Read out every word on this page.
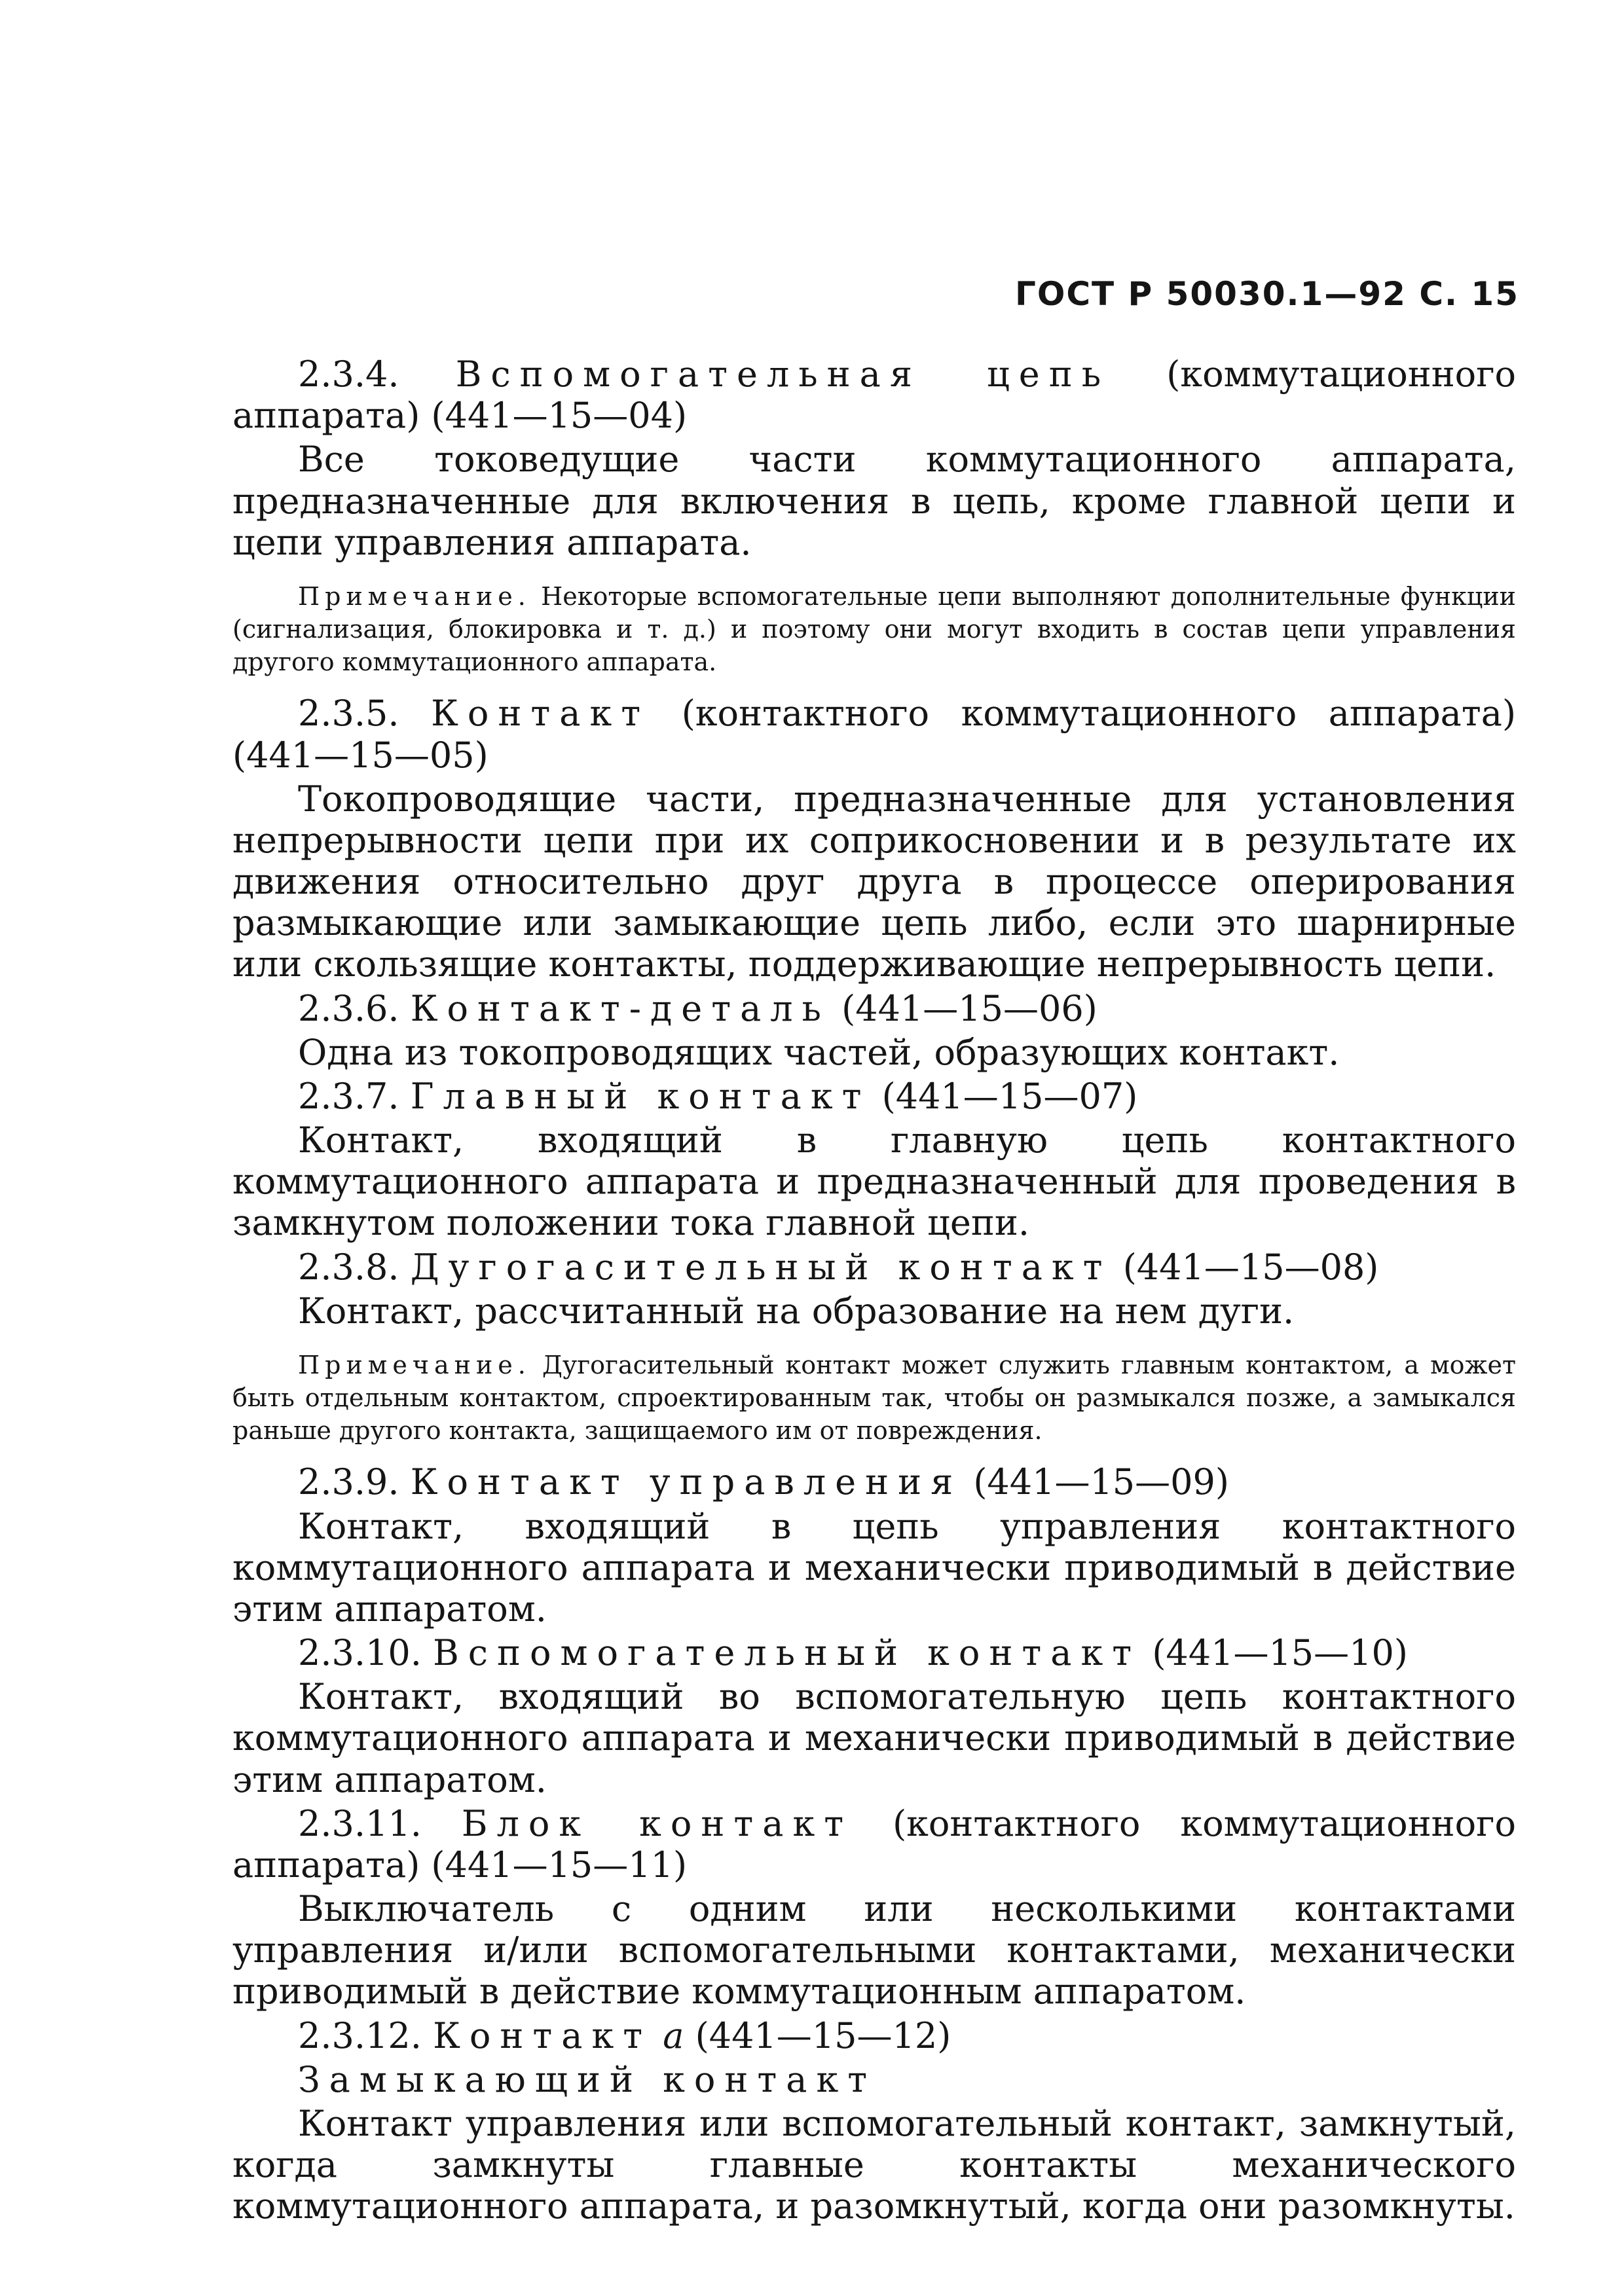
ГОСТ Р 50030.1—92 С. 15

2.3.4. Вспомогательная цепь (коммутационного аппарата) (441—15—04)

Все токоведущие части коммутационного аппарата, предназначенные для включения в цепь, кроме главной цепи и цепи управления аппарата.

Примечание. Некоторые вспомогательные цепи выполняют дополнительные функции (сигнализация, блокировка и т. д.) и поэтому они могут входить в состав цепи управления другого коммутационного аппарата.

2.3.5. Контакт (контактного коммутационного аппарата) (441—15—05)

Токопроводящие части, предназначенные для установления непрерывности цепи при их соприкосновении и в результате их движения относительно друг друга в процессе оперирования размыкающие или замыкающие цепь либо, если это шарнирные или скользящие контакты, поддерживающие непрерывность цепи.

2.3.6. Контакт-деталь (441—15—06)

Одна из токопроводящих частей, образующих контакт.

2.3.7. Главный контакт (441—15—07)

Контакт, входящий в главную цепь контактного коммутационного аппарата и предназначенный для проведения в замкнутом положении тока главной цепи.

2.3.8. Дугогасительный контакт (441—15—08)

Контакт, рассчитанный на образование на нем дуги.

Примечание. Дугогасительный контакт может служить главным контактом, а может быть отдельным контактом, спроектированным так, чтобы он размыкался позже, а замыкался раньше другого контакта, защищаемого им от повреждения.

2.3.9. Контакт управления (441—15—09)

Контакт, входящий в цепь управления контактного коммутационного аппарата и механически приводимый в действие этим аппаратом.

2.3.10. Вспомогательный контакт (441—15—10)

Контакт, входящий во вспомогательную цепь контактного коммутационного аппарата и механически приводимый в действие этим аппаратом.

2.3.11. Блок контакт (контактного коммутационного аппарата) (441—15—11)

Выключатель с одним или несколькими контактами управления и/или вспомогательными контактами, механически приводимый в действие коммутационным аппаратом.

2.3.12. Контакт a (441—15—12)

Замыкающий контакт

Контакт управления или вспомогательный контакт, замкнутый, когда замкнуты главные контакты механического коммутационного аппарата, и разомкнутый, когда они разомкнуты.
